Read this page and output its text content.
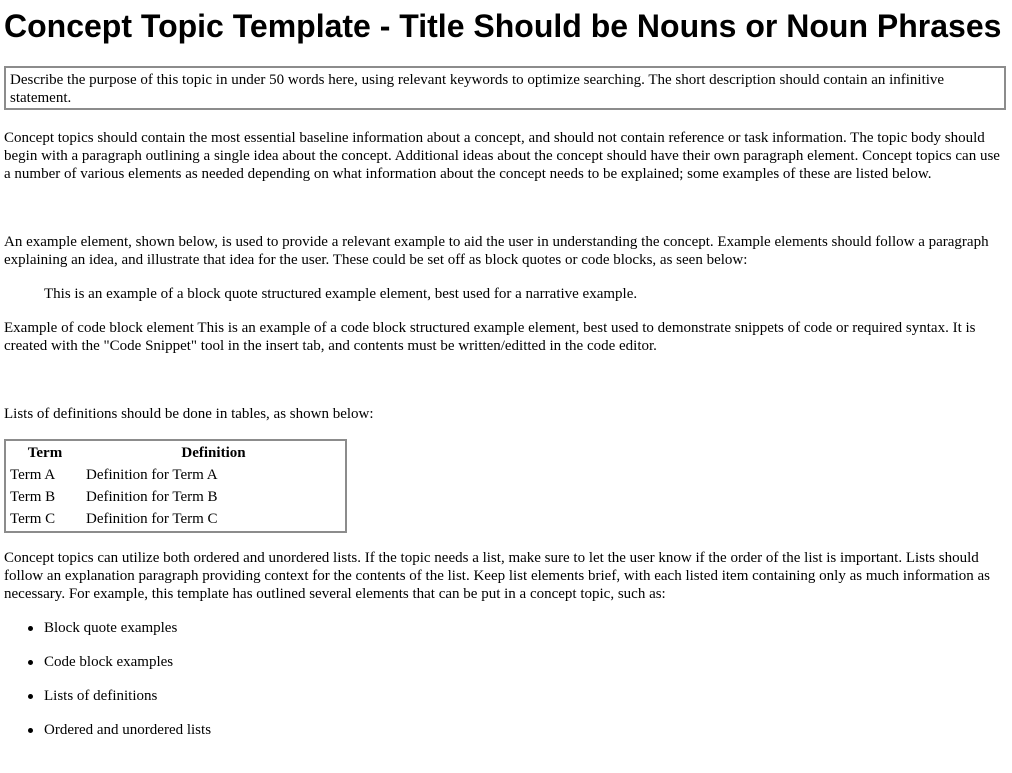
Concept Topic Template - Title Should be Nouns or Noun Phrases
Describe the purpose of this topic in under 50 words here, using relevant keywords to optimize searching. The short description should contain an infinitive statement.

Concept topics should contain the most essential baseline information about a concept, and should not contain reference or task information. The topic body should begin with a paragraph outlining a single idea about the concept. Additional ideas about the concept should have their own paragraph element. Concept topics can use a number of various elements as needed depending on what information about the concept needs to be explained; some examples of these are listed below.

An example element, shown below, is used to provide a relevant example to aid the user in understanding the concept. Example elements should follow a paragraph explaining an idea, and illustrate that idea for the user. These could be set off as block quotes or code blocks, as seen below:

This is an example of a block quote structured example element, best used for a narrative example.

Example of code block element This is an example of a code block structured example element, best used to demonstrate snippets of code or required syntax. It is created with the "Code Snippet" tool in the insert tab, and contents must be written/editted in the code editor.

Lists of definitions should be done in tables, as shown below:

Term	Definition
Term A	Definition for Term A
Term B	Definition for Term B
Term C	Definition for Term C

Concept topics can utilize both ordered and unordered lists. If the topic needs a list, make sure to let the user know if the order of the list is important. Lists should follow an explanation paragraph providing context for the contents of the list. Keep list elements brief, with each listed item containing only as much information as necessary. For example, this template has outlined several elements that can be put in a concept topic, such as:

Block quote examples
Code block examples
Lists of definitions
Ordered and unordered lists
